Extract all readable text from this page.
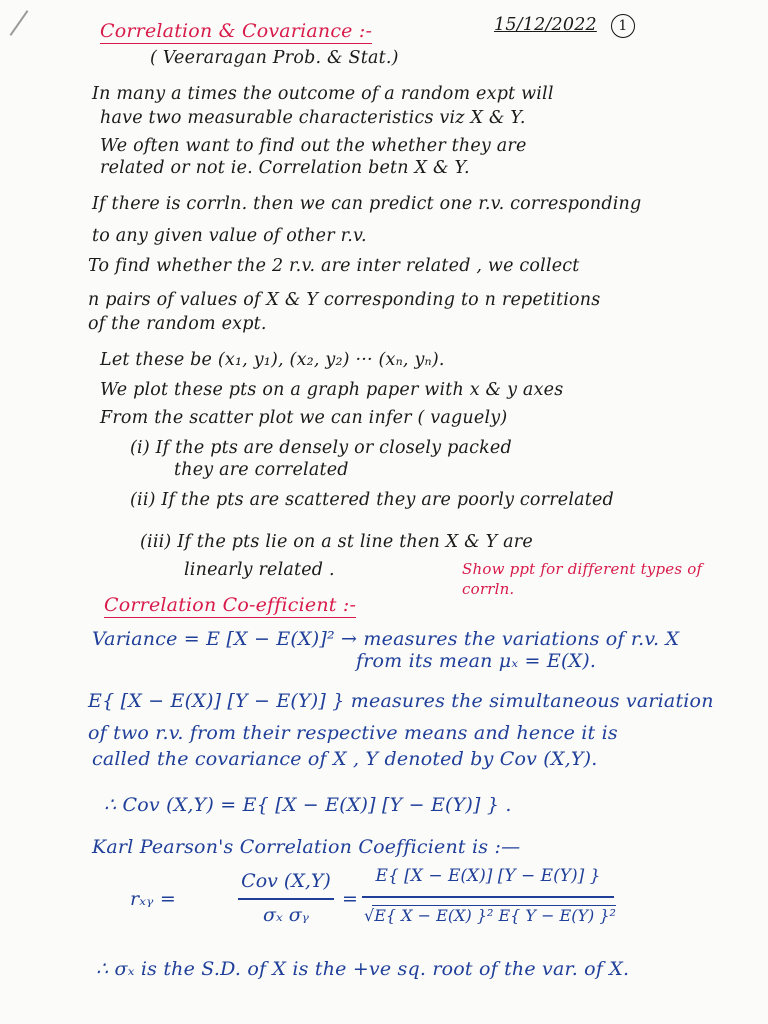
Correlation & Covariance :-	15/12/2022 1
( Veeraragan Prob. & Stat.)
In many a times the outcome of a random expt will
have two measurable characteristics viz X & Y.
We often want to find out the whether they are
related or not ie. Correlation betn X & Y.
If there is corrln. then we can predict one r.v. corresponding
to any given value of other r.v.
To find whether the 2 r.v. are inter related , we collect
n pairs of values of X & Y corresponding to n repetitions
of the random expt.
Let these be (x₁, y₁), (x₂, y₂) ··· (xₙ, yₙ).
We plot these pts on a graph paper with x & y axes
From the scatter plot we can infer ( vaguely)
(i) If the pts are densely or closely packed
they are correlated
(ii) If the pts are scattered they are poorly correlated
(iii) If the pts lie on a st line then X & Y are
linearly related .	Show ppt for different types of
corrln.
Correlation Co-efficient :-
Variance = E [X − E(X)]² → measures the variations of r.v. X
from its mean μₓ = E(X).
E{ [X − E(X)] [Y − E(Y)] } measures the simultaneous variation
of two r.v. from their respective means and hence it is
called the covariance of X , Y denoted by Cov (X,Y).
∴ Cov (X,Y) = E{ [X − E(X)] [Y − E(Y)] } .
Karl Pearson's Correlation Coefficient is :—
rₓᵧ =
Cov (X,Y)
σₓ σᵧ
=
E{ [X − E(X)] [Y − E(Y)] }
√E{ X − E(X) }² E{ Y − E(Y) }²
∴ σₓ is the S.D. of X is the +ve sq. root of the var. of X.
